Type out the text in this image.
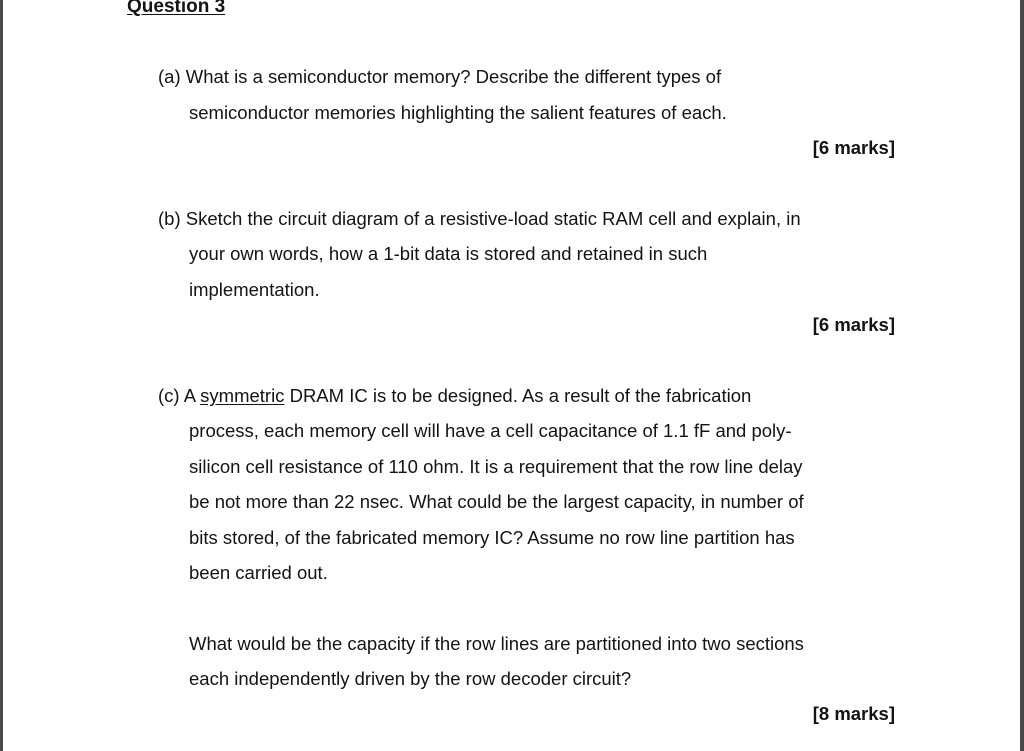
Question 3
(a) What is a semiconductor memory? Describe the different types of
semiconductor memories highlighting the salient features of each.
[6 marks]
(b) Sketch the circuit diagram of a resistive-load static RAM cell and explain, in
your own words, how a 1-bit data is stored and retained in such
implementation.
[6 marks]
(c) A symmetric DRAM IC is to be designed. As a result of the fabrication
process, each memory cell will have a cell capacitance of 1.1 fF and poly-
silicon cell resistance of 110 ohm. It is a requirement that the row line delay
be not more than 22 nsec. What could be the largest capacity, in number of
bits stored, of the fabricated memory IC? Assume no row line partition has
been carried out.
What would be the capacity if the row lines are partitioned into two sections
each independently driven by the row decoder circuit?
[8 marks]
